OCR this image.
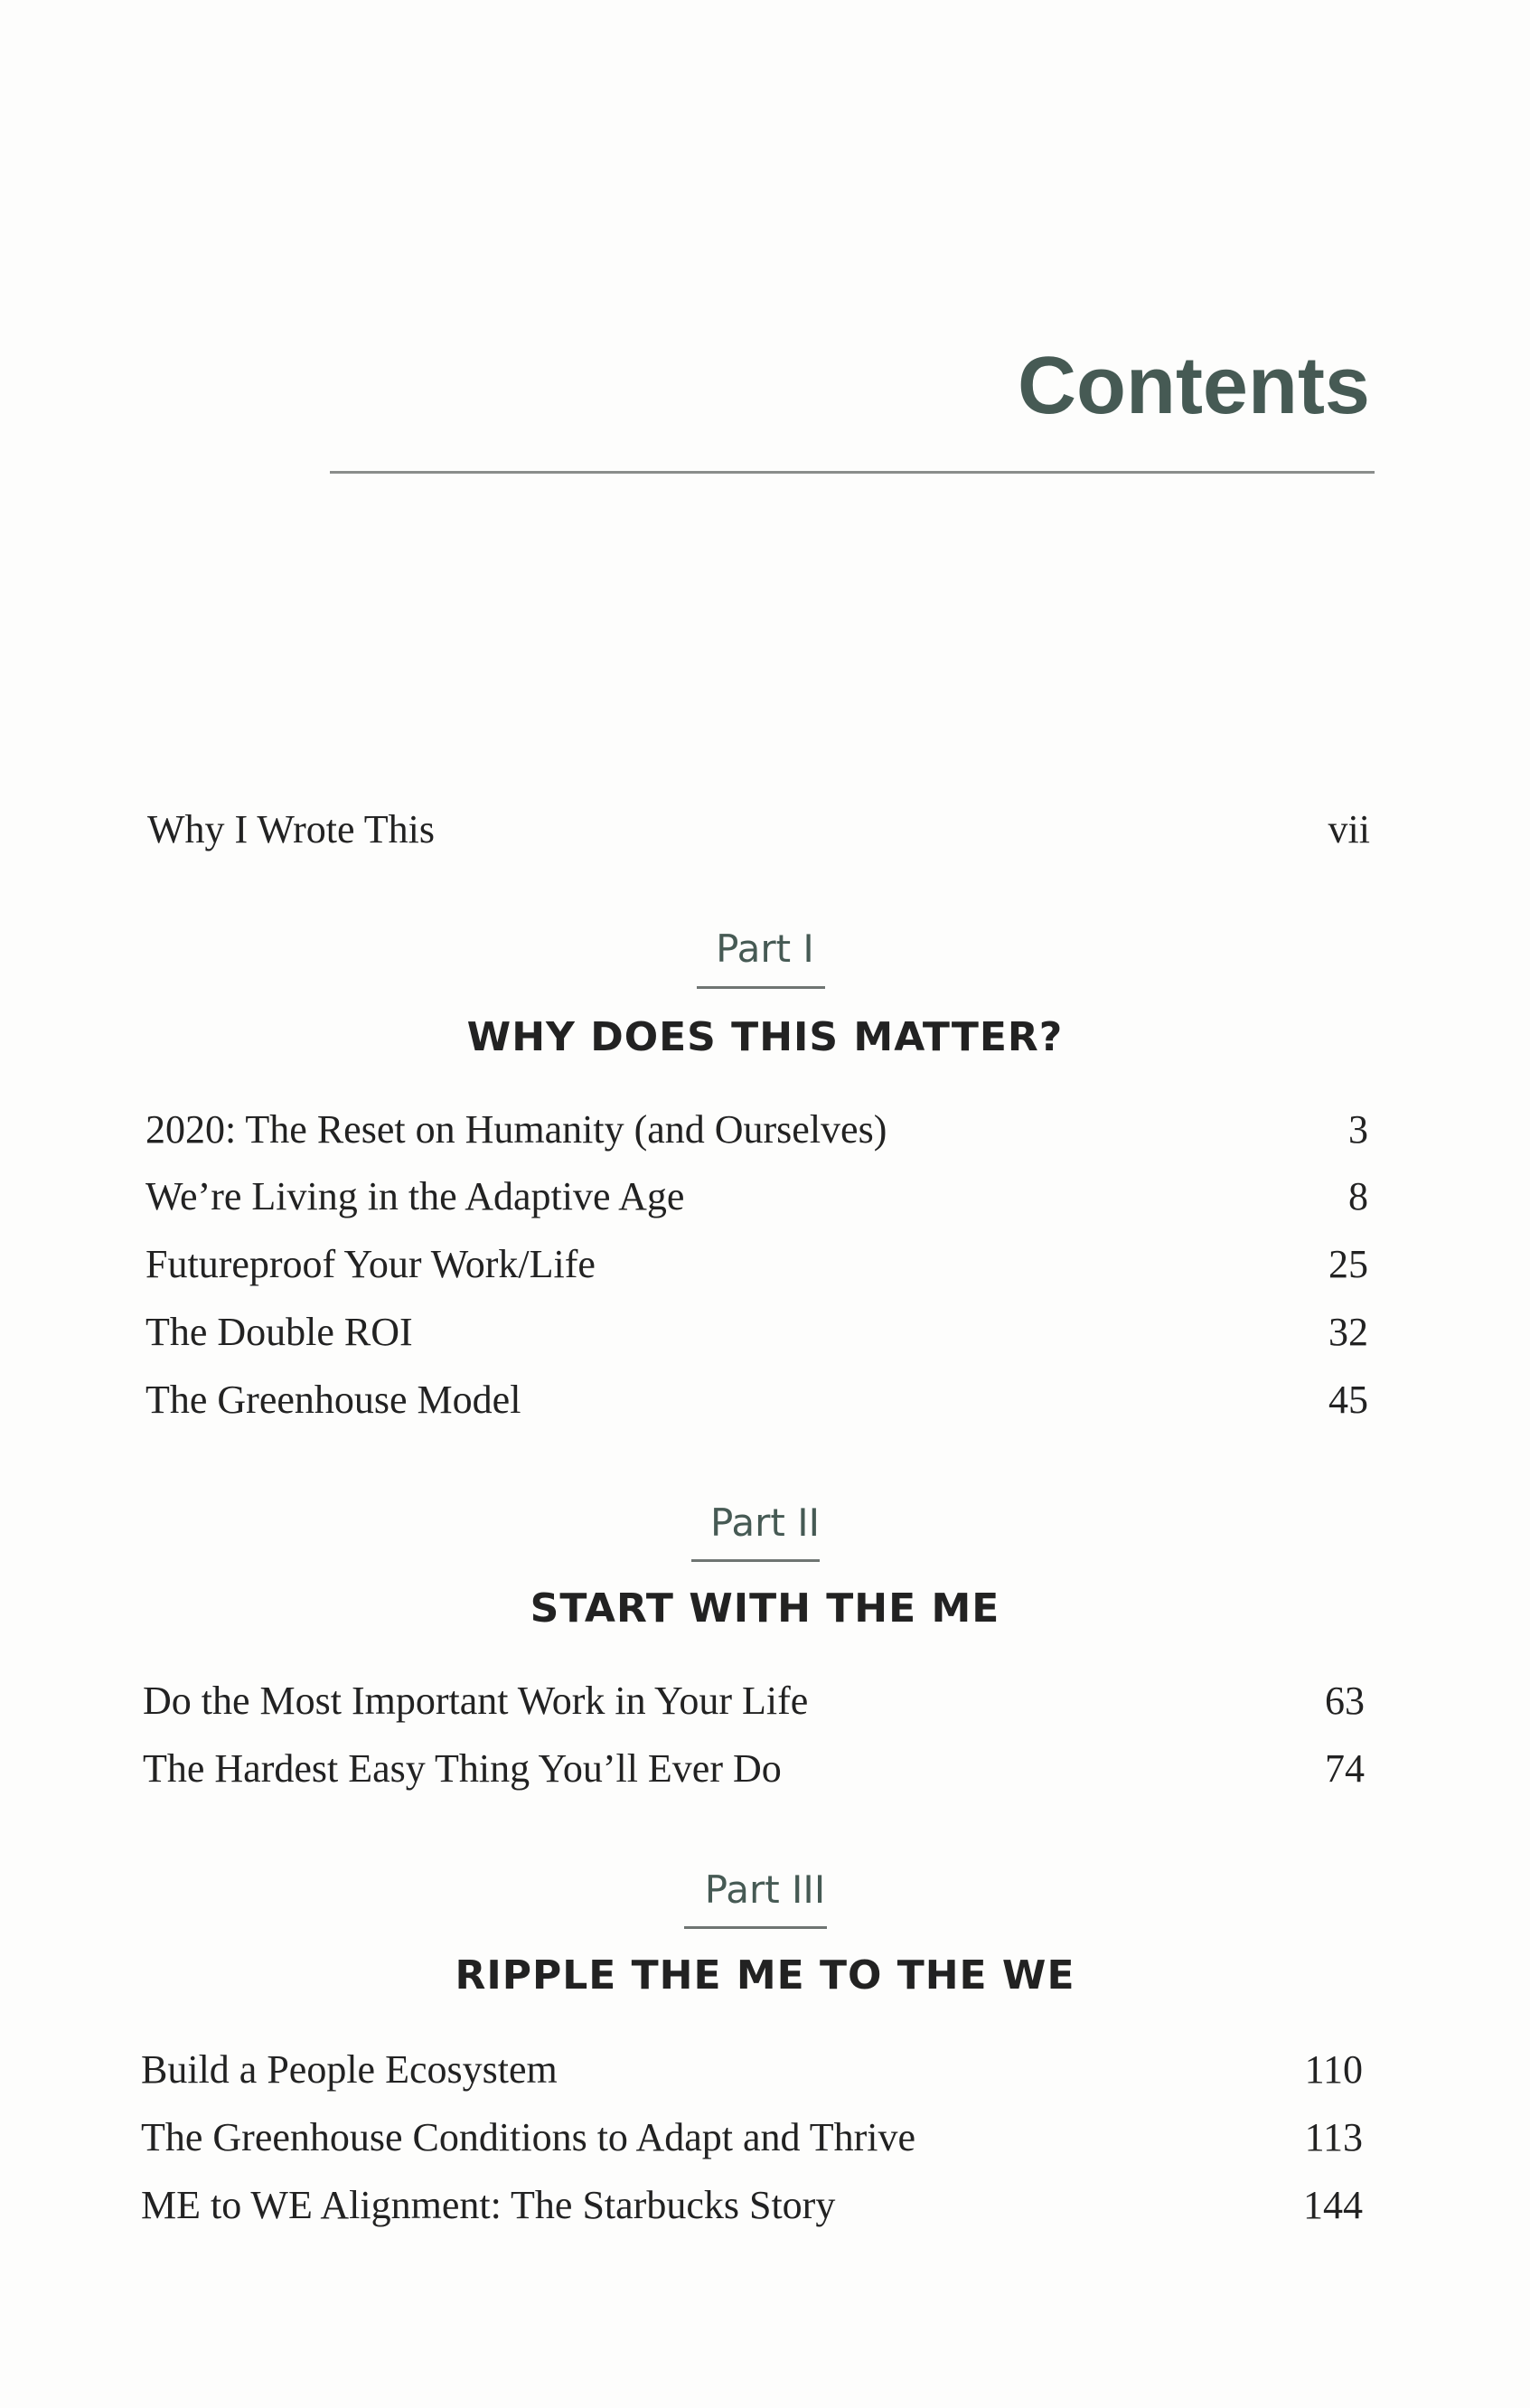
Contents
Why I Wrote This	vii
Part I
WHY DOES THIS MATTER?
2020: The Reset on Humanity (and Ourselves)	3
We’re Living in the Adaptive Age	8
Futureproof Your Work/Life	25
The Double ROI	32
The Greenhouse Model	45
Part II
START WITH THE ME
Do the Most Important Work in Your Life	63
The Hardest Easy Thing You’ll Ever Do	74
Part III
RIPPLE THE ME TO THE WE
Build a People Ecosystem	110
The Greenhouse Conditions to Adapt and Thrive	113
ME to WE Alignment: The Starbucks Story	144
